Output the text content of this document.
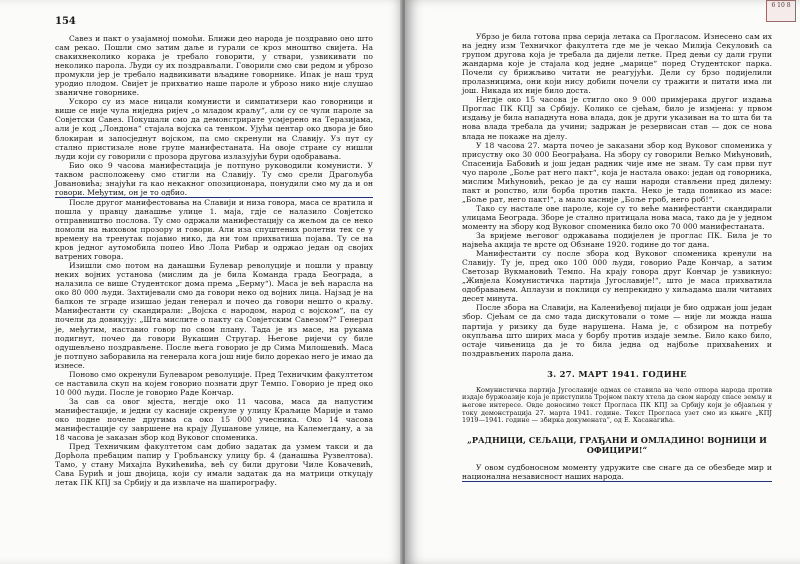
154

Савез и пакт о узајамној помоћи. Ближи део народа је поздравио оно што сам рекао. Пошли смо затим даље и гурали се кроз мноштво свијета. На свакихнеколико корака је требало говорити, у ствари, узвикивати по неколико парола. Људи су их поздрављали. Говорили смо сви редом и уброзо промукли јер је требало надвикивати вљадине говорнике. Ипак је наш труд уродио плодом. Свијет је прихватио наше пароле и уброзо нико није слушао званичне говорнике.

Ускоро су из масе ницали комунисти и симпатизери као говорници и више се није чула ниједна ријеч „о младом краљу“, али су се чули пароле за Совјетски Савез. Покушали смо да демонстрирате усмјерено на Теразијама, али је код „Лондона“ стајала војска са тенком. Ујући центар око двора је био блокиран и запосједнут војском, па смо скренули на Славију. Уз пут су стално пристизале нове групе манифестаната. На овоје стране су нишли људи који су говорили с прозора другова излазујући бури одобравања.

Био око 9 часова манифестација је потпуно руководили комунисти. У таквом расположењу смо стигли на Славију. Ту смо срели Драгољуба Јовановића; знајући га као некакног опозиционара, понудили смо му да и он говори. Међутим, он је то одбио.

После другог манифестовања на Славији и низа говора, маса се вратила и пошла у правцу данашње улице 1. маја, гдје се налазило Совјетско отправништво послова. Ту смо одржали манифестацију са жељом да се неко помоли на њиховом прозору и говори. Али иза спуштених ролетни тек се у времену на тренутак појавио нико, да ни том прихватиша појава. Ту се на кров једног аутомобила попео Иво Лола Рибар и одржао један од својих ватрених говора.

Изишли смо потом на данашњи Булевар револуције и пошли у правцу неких војних установа (мислим да је била Команда града Београда, а налазила се више Студентског дома према „Берму“). Маса је већ нарасла на око 80 000 људи. Захтијевали смо да говори неко од војних лица. Најзад је на балкон те зграде изишао један генерал и почео да говори нешто о краљу. Манифестанти су скандирали: „Војска с народом, народ с војском“, па су почели да довикују: „Шта мислите о пакту са Совјетским Савезом?“ Генерал је, међутим, наставио говор по свом плану. Тада је из масе, на рукама подигнут, почео да говори Вукашин Стругар. Његове ријечи су биле одушевљено поздрављене. После њега говорио је др Сима Милошевић. Маса је потпуно заборавила на генерала кога још није било дорекао него је имао да изнесе.

Поново смо окренули Булеваром револуције. Пред Техничким факултетом се наставила скуп на којем говорио познати друг Темпо. Говорио је пред око 10 000 људи. После је говорио Раде Кончар.

За сав са овог мјеста, негдје око 11 часова, маса да напустим манифестације, и једни су касније скренуле у улицу Краљице Марије и тамо око подне почеле другима са око 15 000 учесника. Око 14 часова манифестације су завршене на крају Душанове улице, на Калемегдану, а за 18 часова је заказан збор код Вуковог споменика.

Пред Техничким факултетом сам добио задатак да узмем такси и да Дорћола пребацим папир у Гробљанску улицу бр. 4 (данашња Рузвелтова). Тамо, у стану Михајла Вукићевића, већ су били другови Чиле Ковачевић, Сава Бурић и још двојица, који су имали задатак да на матрици откуцају летак ПК КПЈ за Србију и да извлаче на шапирографу.

6 10 8

Убрзо је била готова прва серија летака са Прогласом. Изнесено сам их на једну изм Техничког факултета где ме је чекао Милија Секуловић са групом другова која је требала да дијели летке. Пред дењи су дали групи жандарма које је стајала код једне „марице“ поред Студентског парка. Почели су брижљиво читати не реагујући. Дели су брзо подијелили пролазницима, они који нису добили почели су тражити и питати има ли још. Никада их није било доста.

Негдје око 15 часова је стигло око 9 000 примјерака другог издања Проглас ПК КПЈ за Србију. Колико се сјећам, било је измјена: у првом издању је била нападнута нова влада, док је други указиван на то шта би та нова влада требала да учини; задржан је резервисан став — док се нова влада не покаже на дјелу.

У 18 часова 27. марта почео је заказани збор код Вуковог споменика у присуству око 30 000 Београђана. На збору су говорили Вељко Мићуновић, Спасенија Бабовић и још један радник чије име не знам. Ту сам први пут чуо пароле „Боље рат него пакт“, која је настала овако: један од говорника, мислим Мићуновић, рекао је да су наши народи стављени пред дилему: пакт и ропство, или борба против пакта. Неко је тада повикао из масе: „Боље рат, него пакт!“, а мало касније „Боље гроб, него роб!“.

Тако су настале ове пароле, које су то веће манифестанти скандирали улицама Београда. Зборе је стално притицала нова маса, тако да је у једном моменту на збору код Вуковог споменика било око 70 000 манифестаната.

За вријеме његовог одржавања подијелен је проглас ПК. Била је то највећа акција те врсте од Обзнане 1920. године до тог дана.

Манифестанти су после збора код Вуковог споменика кренули на Славију. Ту је, пред око 100 000 људи, говорио Раде Кончар, а затим Светозар Вукмановић Темпо. На крају говора друг Кончар је узвикнуо: „Живјела Комунистичка партија Југославије!“, што је маса прихватила одобравањем. Аплаузи и поклици су непрекидно у хиљадама шали читавих десет минута.

После збора на Славији, на Калениђевој пијаци је био одржан још један збор. Сјећам се да смо тада дискутовали о томе — није ли можда наша партија у ризику да буде нарушена. Нама је, с обзиром на потребу окупљања што ширих маса у борбу против издаје земље. Било како било, остаје чињеница да је то била једна од најбоље прихваћених и поздрављених парола дана.

3. 27. МАРТ 1941. ГОДИНЕ

Комунистичка партија Југославије одмах се ставила на чело отпора народа против издаје буржоазије која је приступила Тројном пакту хтела да свом народу спасе земљу и његове интересе. Овде доносимо текст Прогласа ПК КПЈ за Србију који је објављен у току демонстрација 27. марта 1941. године. Текст Прогласа узет смо из књиге „КПЈ 1919—1941. године — збирка докумената“, од Е. Хасанагића.

„РАДНИЦИ, СЕЉАЦИ, ГРАЂАНИ И ОМЛАДИНО! ВОЈНИЦИ И ОФИЦИРИ!“

У овом судбоносном моменту удружите све снаге да се обезбеде мир и национална независност наших народа.
